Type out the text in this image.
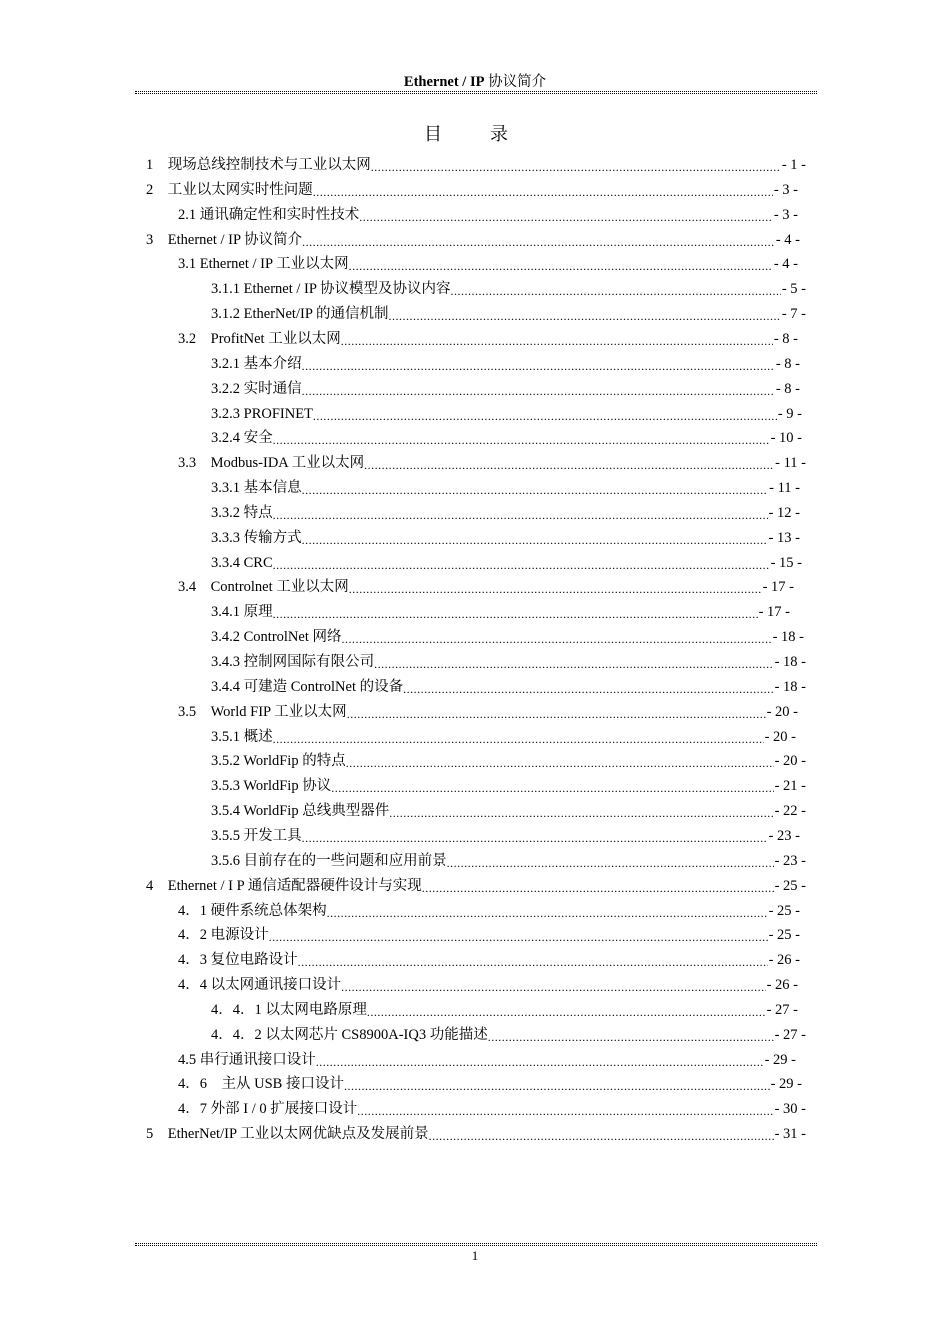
Ethernet / IP 协议简介
目录
1　现场总线控制技术与工业以太网 .....	- 1 -
2　工业以太网实时性问题 .....	- 3 -
2.1 通讯确定性和实时性技术 .....	- 3 -
3　Ethernet / IP 协议简介 .....	- 4 -
3.1 Ethernet / IP 工业以太网 .....	- 4 -
3.1.1 Ethernet / IP 协议模型及协议内容 .....	- 5 -
3.1.2 EtherNet/IP 的通信机制 .....	- 7 -
3.2　ProfitNet 工业以太网 .....	- 8 -
3.2.1 基本介绍 .....	- 8 -
3.2.2 实时通信 .....	- 8 -
3.2.3 PROFINET .....	- 9 -
3.2.4 安全 .....	- 10 -
3.3　Modbus-IDA 工业以太网 .....	- 11 -
3.3.1 基本信息 .....	- 11 -
3.3.2 特点 .....	- 12 -
3.3.3 传输方式 .....	- 13 -
3.3.4 CRC .....	- 15 -
3.4　Controlnet 工业以太网 .....	- 17 -
3.4.1 原理 .....	- 17 -
3.4.2 ControlNet 网络 .....	- 18 -
3.4.3 控制网国际有限公司 .....	- 18 -
3.4.4 可建造 ControlNet 的设备 .....	- 18 -
3.5　World FIP 工业以太网 .....	- 20 -
3.5.1 概述 .....	- 20 -
3.5.2 WorldFip 的特点 .....	- 20 -
3.5.3 WorldFip 协议 .....	- 21 -
3.5.4 WorldFip 总线典型器件 .....	- 22 -
3.5.5 开发工具 .....	- 23 -
3.5.6 目前存在的一些问题和应用前景 .....	- 23 -
4　Ethernet / I P 通信适配器硬件设计与实现 .....	- 25 -
4．1 硬件系统总体架构 .....	- 25 -
4．2 电源设计 .....	- 25 -
4．3 复位电路设计 .....	- 26 -
4．4 以太网通讯接口设计 .....	- 26 -
4．4．1 以太网电路原理 .....	- 27 -
4．4．2 以太网芯片 CS8900A-IQ3 功能描述 .....	- 27 -
4.5 串行通讯接口设计 .....	- 29 -
4．6　主从 USB 接口设计 .....	- 29 -
4．7 外部 I / 0 扩展接口设计 .....	- 30 -
5　EtherNet/IP 工业以太网优缺点及发展前景 .....	- 31 -
1
